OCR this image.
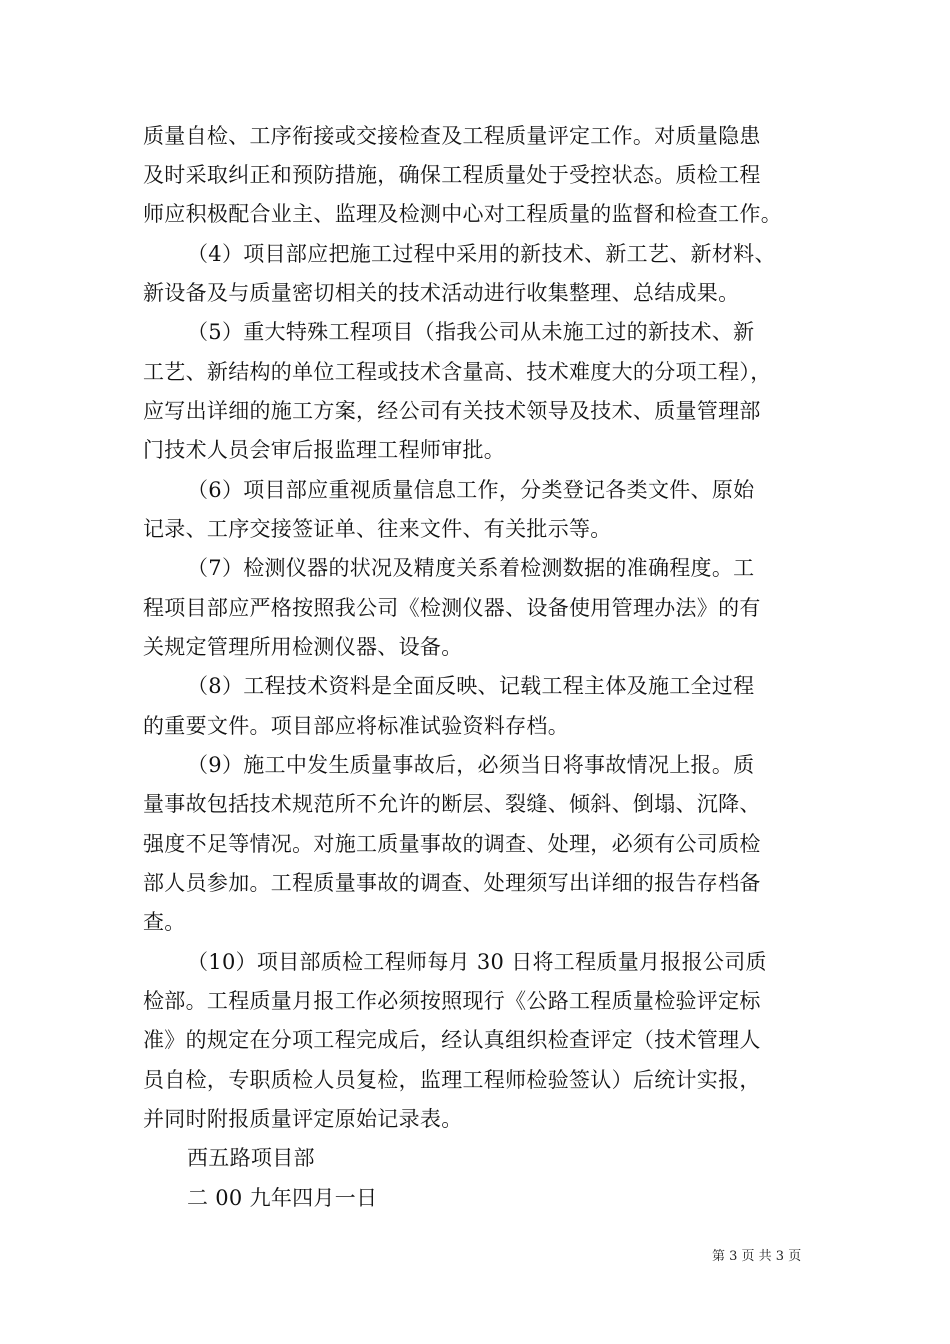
质量自检、工序衔接或交接检查及工程质量评定工作。对质量隐患
及时采取纠正和预防措施，确保工程质量处于受控状态。质检工程
师应积极配合业主、监理及检测中心对工程质量的监督和检查工作。
（4）项目部应把施工过程中采用的新技术、新工艺、新材料、
新设备及与质量密切相关的技术活动进行收集整理、总结成果。
（5）重大特殊工程项目（指我公司从未施工过的新技术、新
工艺、新结构的单位工程或技术含量高、技术难度大的分项工程），
应写出详细的施工方案，经公司有关技术领导及技术、质量管理部
门技术人员会审后报监理工程师审批。
（6）项目部应重视质量信息工作，分类登记各类文件、原始
记录、工序交接签证单、往来文件、有关批示等。
（7）检测仪器的状况及精度关系着检测数据的准确程度。工
程项目部应严格按照我公司《检测仪器、设备使用管理办法》的有
关规定管理所用检测仪器、设备。
（8）工程技术资料是全面反映、记载工程主体及施工全过程
的重要文件。项目部应将标准试验资料存档。
（9）施工中发生质量事故后，必须当日将事故情况上报。质
量事故包括技术规范所不允许的断层、裂缝、倾斜、倒塌、沉降、
强度不足等情况。对施工质量事故的调查、处理，必须有公司质检
部人员参加。工程质量事故的调查、处理须写出详细的报告存档备
查。
（10）项目部质检工程师每月 30 日将工程质量月报报公司质
检部。工程质量月报工作必须按照现行《公路工程质量检验评定标
准》的规定在分项工程完成后，经认真组织检查评定（技术管理人
员自检，专职质检人员复检，监理工程师检验签认）后统计实报，
并同时附报质量评定原始记录表。
西五路项目部
二 00 九年四月一日
第 3 页 共 3 页
